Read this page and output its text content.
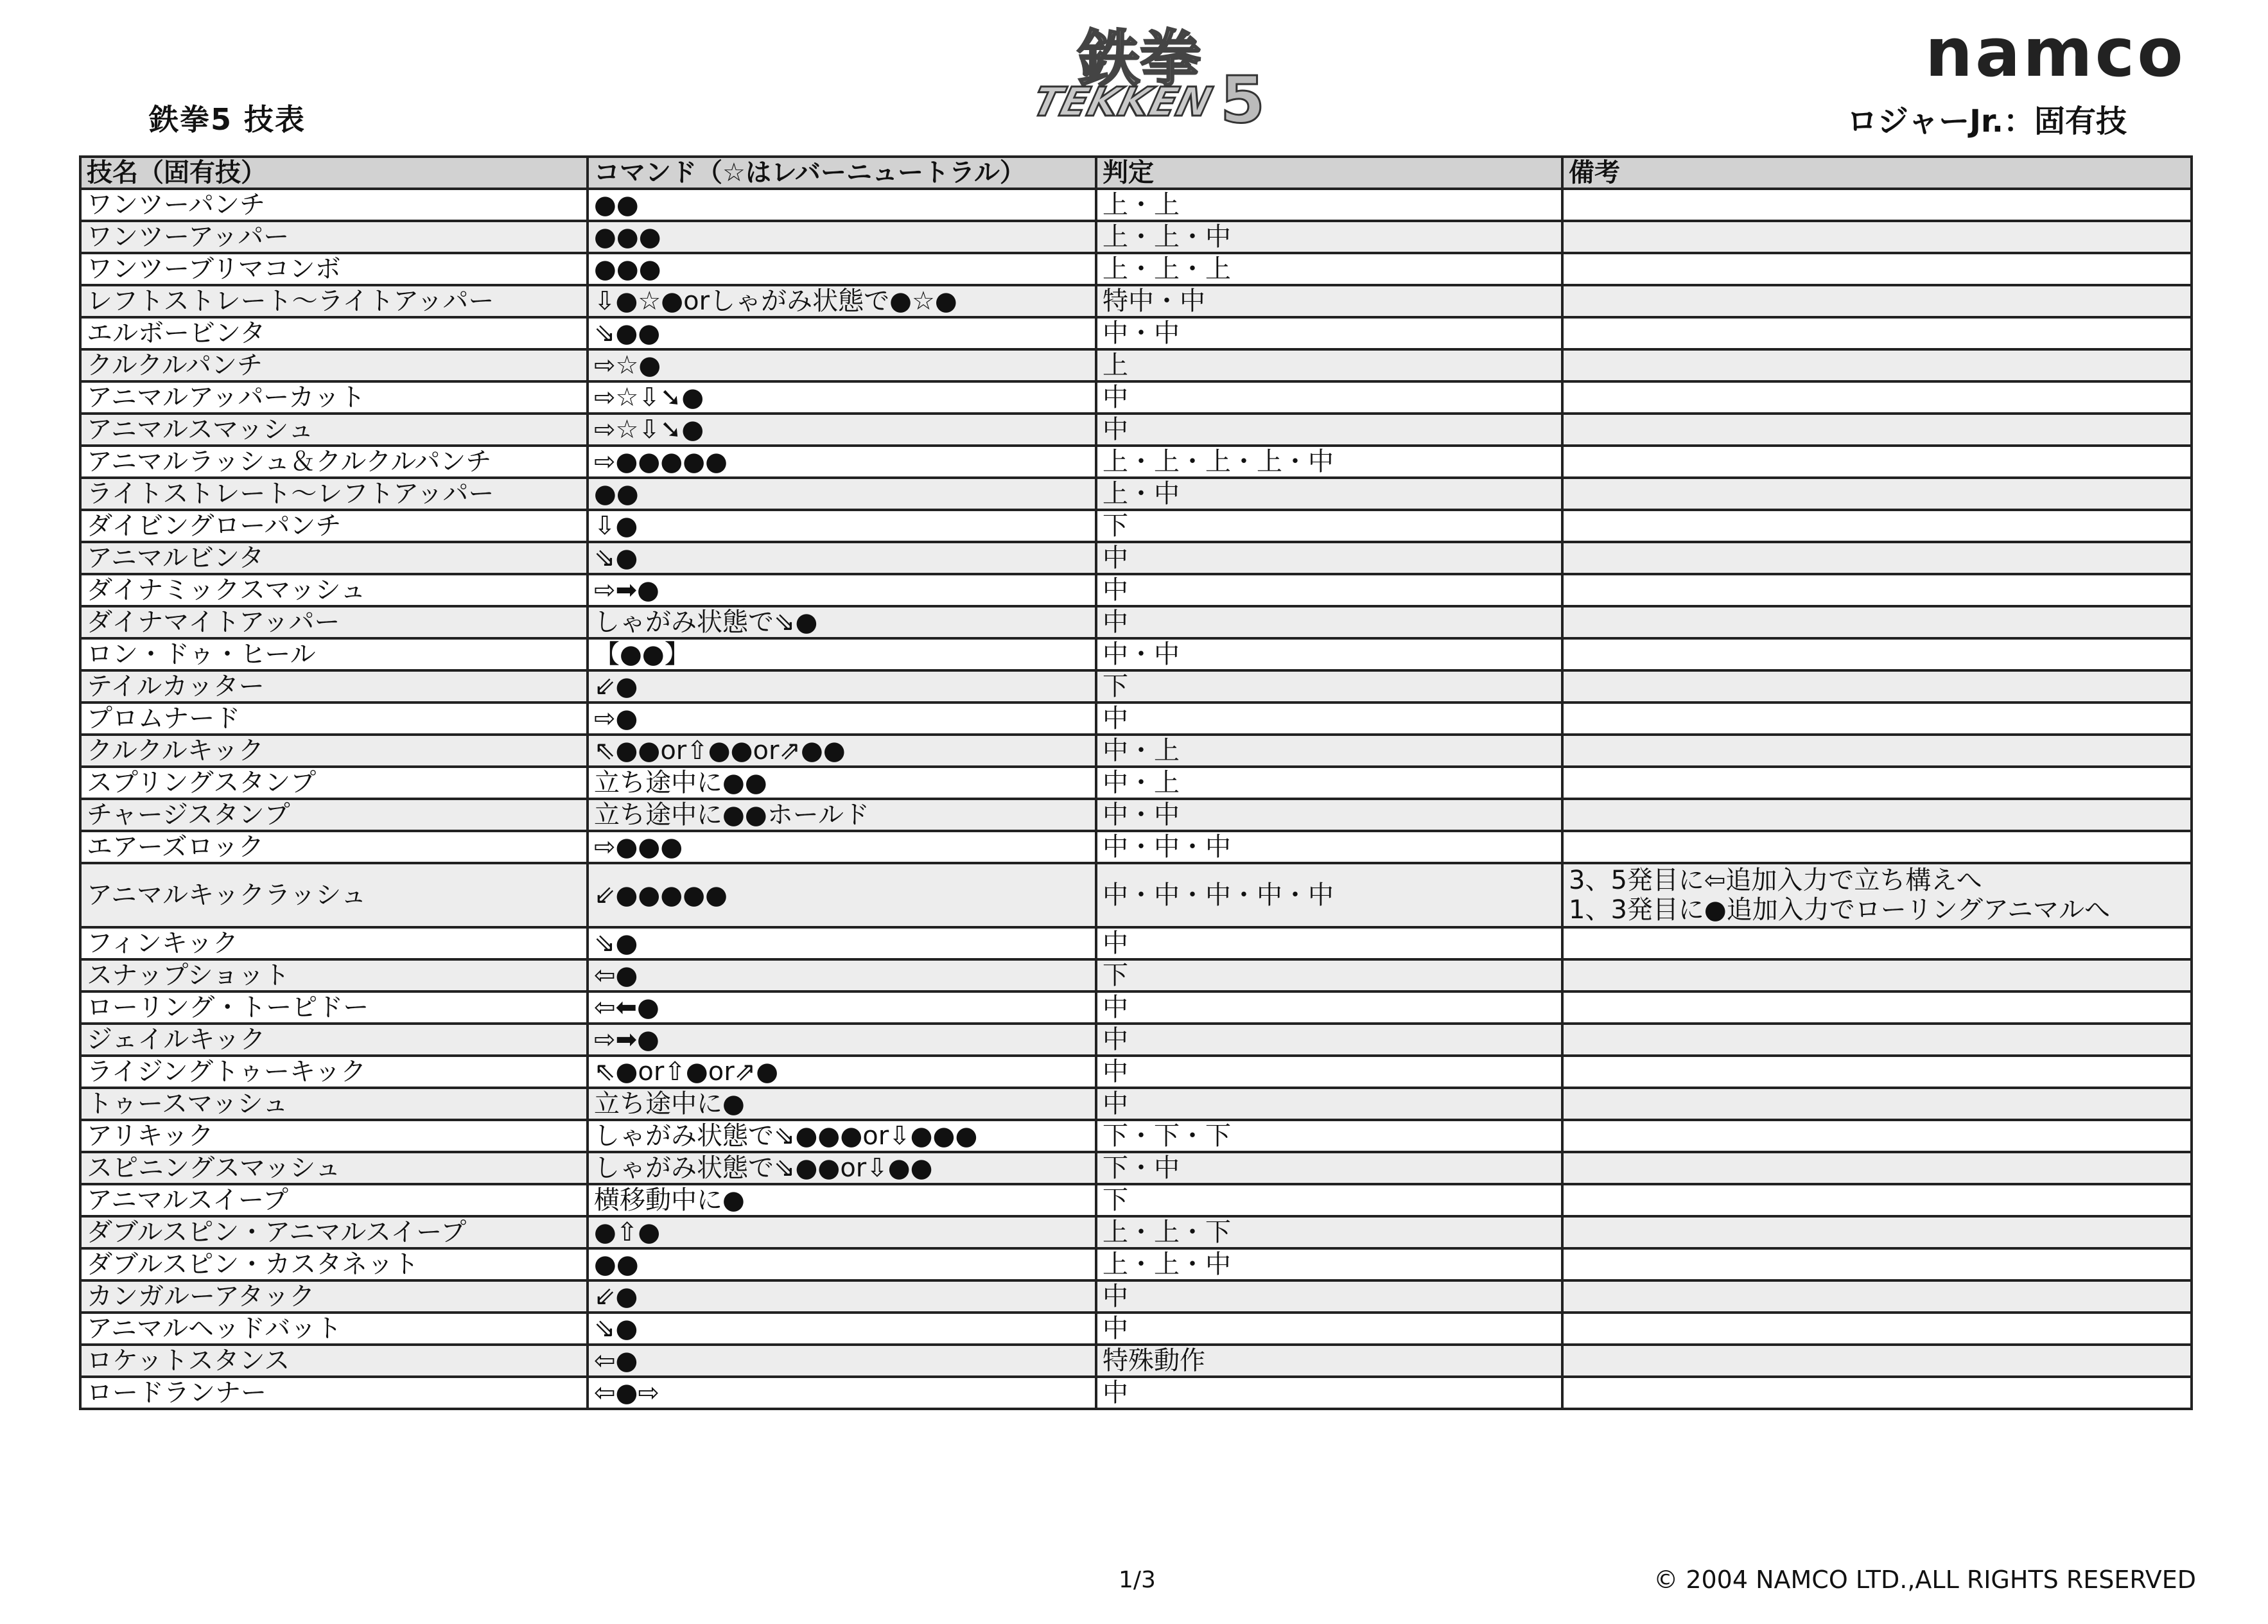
鉄拳5 技表
鉄拳
TEKKEN 5
namco
ロジャーJr.：固有技
技名（固有技）	コマンド（☆はレバーニュートラル）	判定	備考
ワンツーパンチ	●●	上・上	
ワンツーアッパー	●●●	上・上・中	
ワンツーブリマコンボ	●●●	上・上・上	
レフトストレート～ライトアッパー	⇩●☆●orしゃがみ状態で●☆●	特中・中	
エルボービンタ	⇘●●	中・中	
クルクルパンチ	⇨☆●	上	
アニマルアッパーカット	⇨☆⇩➘●	中	
アニマルスマッシュ	⇨☆⇩➘●	中	
アニマルラッシュ＆クルクルパンチ	⇨●●●●●	上・上・上・上・中	
ライトストレート～レフトアッパー	●●	上・中	
ダイビングローパンチ	⇩●	下	
アニマルビンタ	⇘●	中	
ダイナミックスマッシュ	⇨➡●	中	
ダイナマイトアッパー	しゃがみ状態で⇘●	中	
ロン・ドゥ・ヒール	【●●】	中・中	
テイルカッター	⇙●	下	
プロムナード	⇨●	中	
クルクルキック	⇖●●or⇧●●or⇗●●	中・上	
スプリングスタンプ	立ち途中に●●	中・上	
チャージスタンプ	立ち途中に●●ホールド	中・中	
エアーズロック	⇨●●●	中・中・中	
アニマルキックラッシュ	⇙●●●●●	中・中・中・中・中	3、5発目に⇦追加入力で立ち構えへ
1、3発目に●追加入力でローリングアニマルへ
フィンキック	⇘●	中	
スナップショット	⇦●	下	
ローリング・トーピドー	⇦⬅●	中	
ジェイルキック	⇨➡●	中	
ライジングトゥーキック	⇖●or⇧●or⇗●	中	
トゥースマッシュ	立ち途中に●	中	
アリキック	しゃがみ状態で⇘●●●or⇩●●●	下・下・下	
スピニングスマッシュ	しゃがみ状態で⇘●●or⇩●●	下・中	
アニマルスイープ	横移動中に●	下	
ダブルスピン・アニマルスイープ	●⇧●	上・上・下	
ダブルスピン・カスタネット	●●	上・上・中	
カンガルーアタック	⇙●	中	
アニマルヘッドバット	⇘●	中	
ロケットスタンス	⇦●	特殊動作	
ロードランナー	⇦●⇨	中	
1/3	© 2004 NAMCO LTD.,ALL RIGHTS RESERVED
